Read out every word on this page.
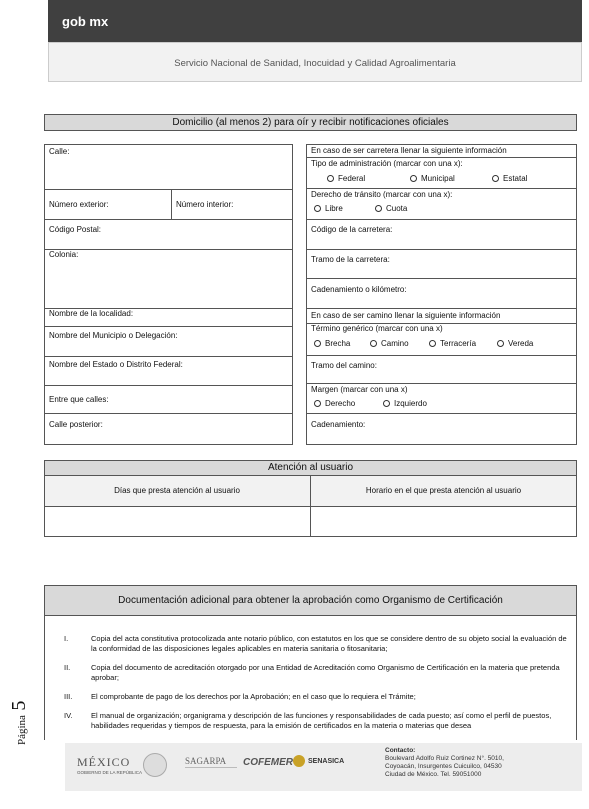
gob mx
Servicio Nacional de Sanidad, Inocuidad y Calidad Agroalimentaria
Domicilio (al menos 2) para oír y recibir notificaciones oficiales
Calle:
Número exterior:	Número interior:
Código Postal:
Colonia:
Nombre de la localidad:
Nombre del Municipio o Delegación:
Nombre del Estado o Distrito Federal:
Entre que calles:
Calle posterior:
En caso de ser carretera llenar la siguiente información
Tipo de administración (marcar con una x):
Federal	Municipal	Estatal
Derecho de tránsito (marcar con una x):
Libre	Cuota
Código de la carretera:
Tramo de la carretera:
Cadenamiento o kilómetro:
En caso de ser camino llenar la siguiente información
Término genérico (marcar con una x)
Brecha	Camino	Terracería	Vereda
Tramo del camino:
Margen (marcar con una x)
Derecho	Izquierdo
Cadenamiento:
Atención al usuario
Días que presta atención al usuario	Horario en el que presta atención al usuario
Documentación adicional para obtener la aprobación como Organismo de Certificación
I.	Copia del acta constitutiva protocolizada ante notario público, con estatutos en los que se considere dentro de su objeto social la evaluación de la conformidad de las disposiciones legales aplicables en materia sanitaria o fitosanitaria;
II.	Copia del documento de acreditación otorgado por una Entidad de Acreditación como Organismo de Certificación en la materia que pretenda aprobar;
III. El comprobante de pago de los derechos por la Aprobación; en el caso que lo requiera el Trámite;
IV. El manual de organización; organigrama y descripción de las funciones y responsabilidades de cada puesto; así como el perfil de puestos, habilidades requeridas y tiempos de respuesta, para la emisión de certificados en la materia o materias que desea
Página 5
MÉXICO
GOBIERNO DE LA REPÚBLICA
SAGARPA COFEMER SENASICA
Contacto:
Boulevard Adolfo Ruiz Cortinez N°. 5010,
Coyoacán, Insurgentes Cuicuilco, 04530
Ciudad de México. Tel. 59051000
